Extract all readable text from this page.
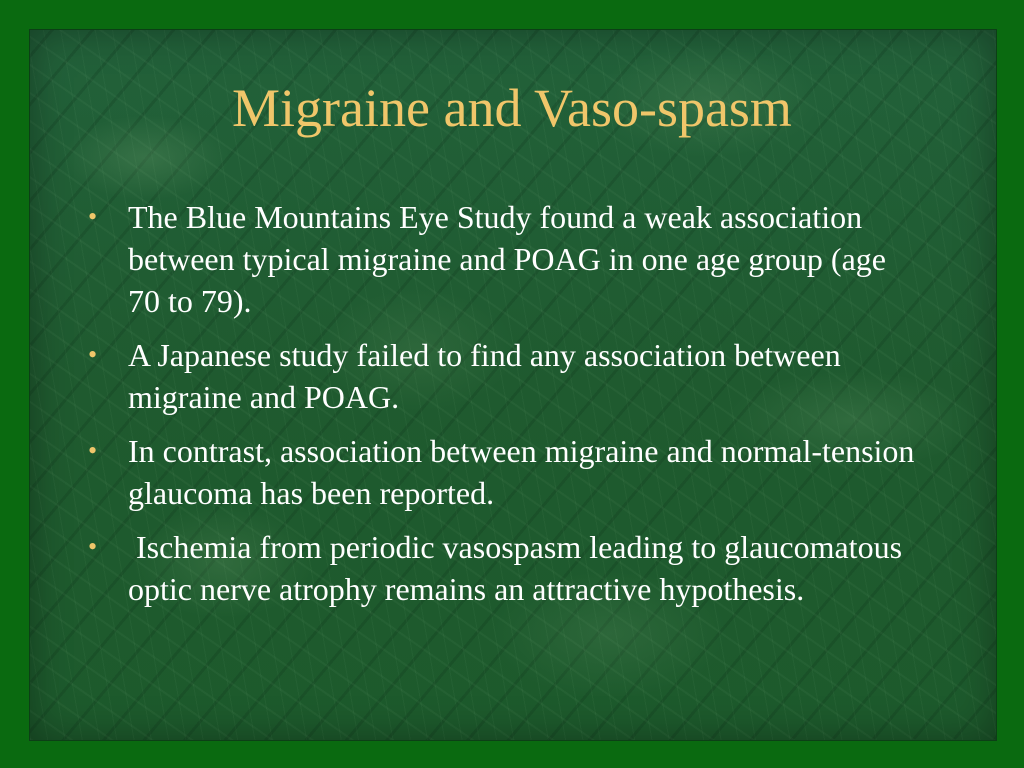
Migraine and Vaso-spasm
• The Blue Mountains Eye Study found a weak association between typical migraine and POAG in one age group (age 70 to 79).
• A Japanese study failed to find any association between migraine and POAG.
• In contrast, association between migraine and normal-tension glaucoma has been reported.
• Ischemia from periodic vasospasm leading to glaucomatous optic nerve atrophy remains an attractive hypothesis.
